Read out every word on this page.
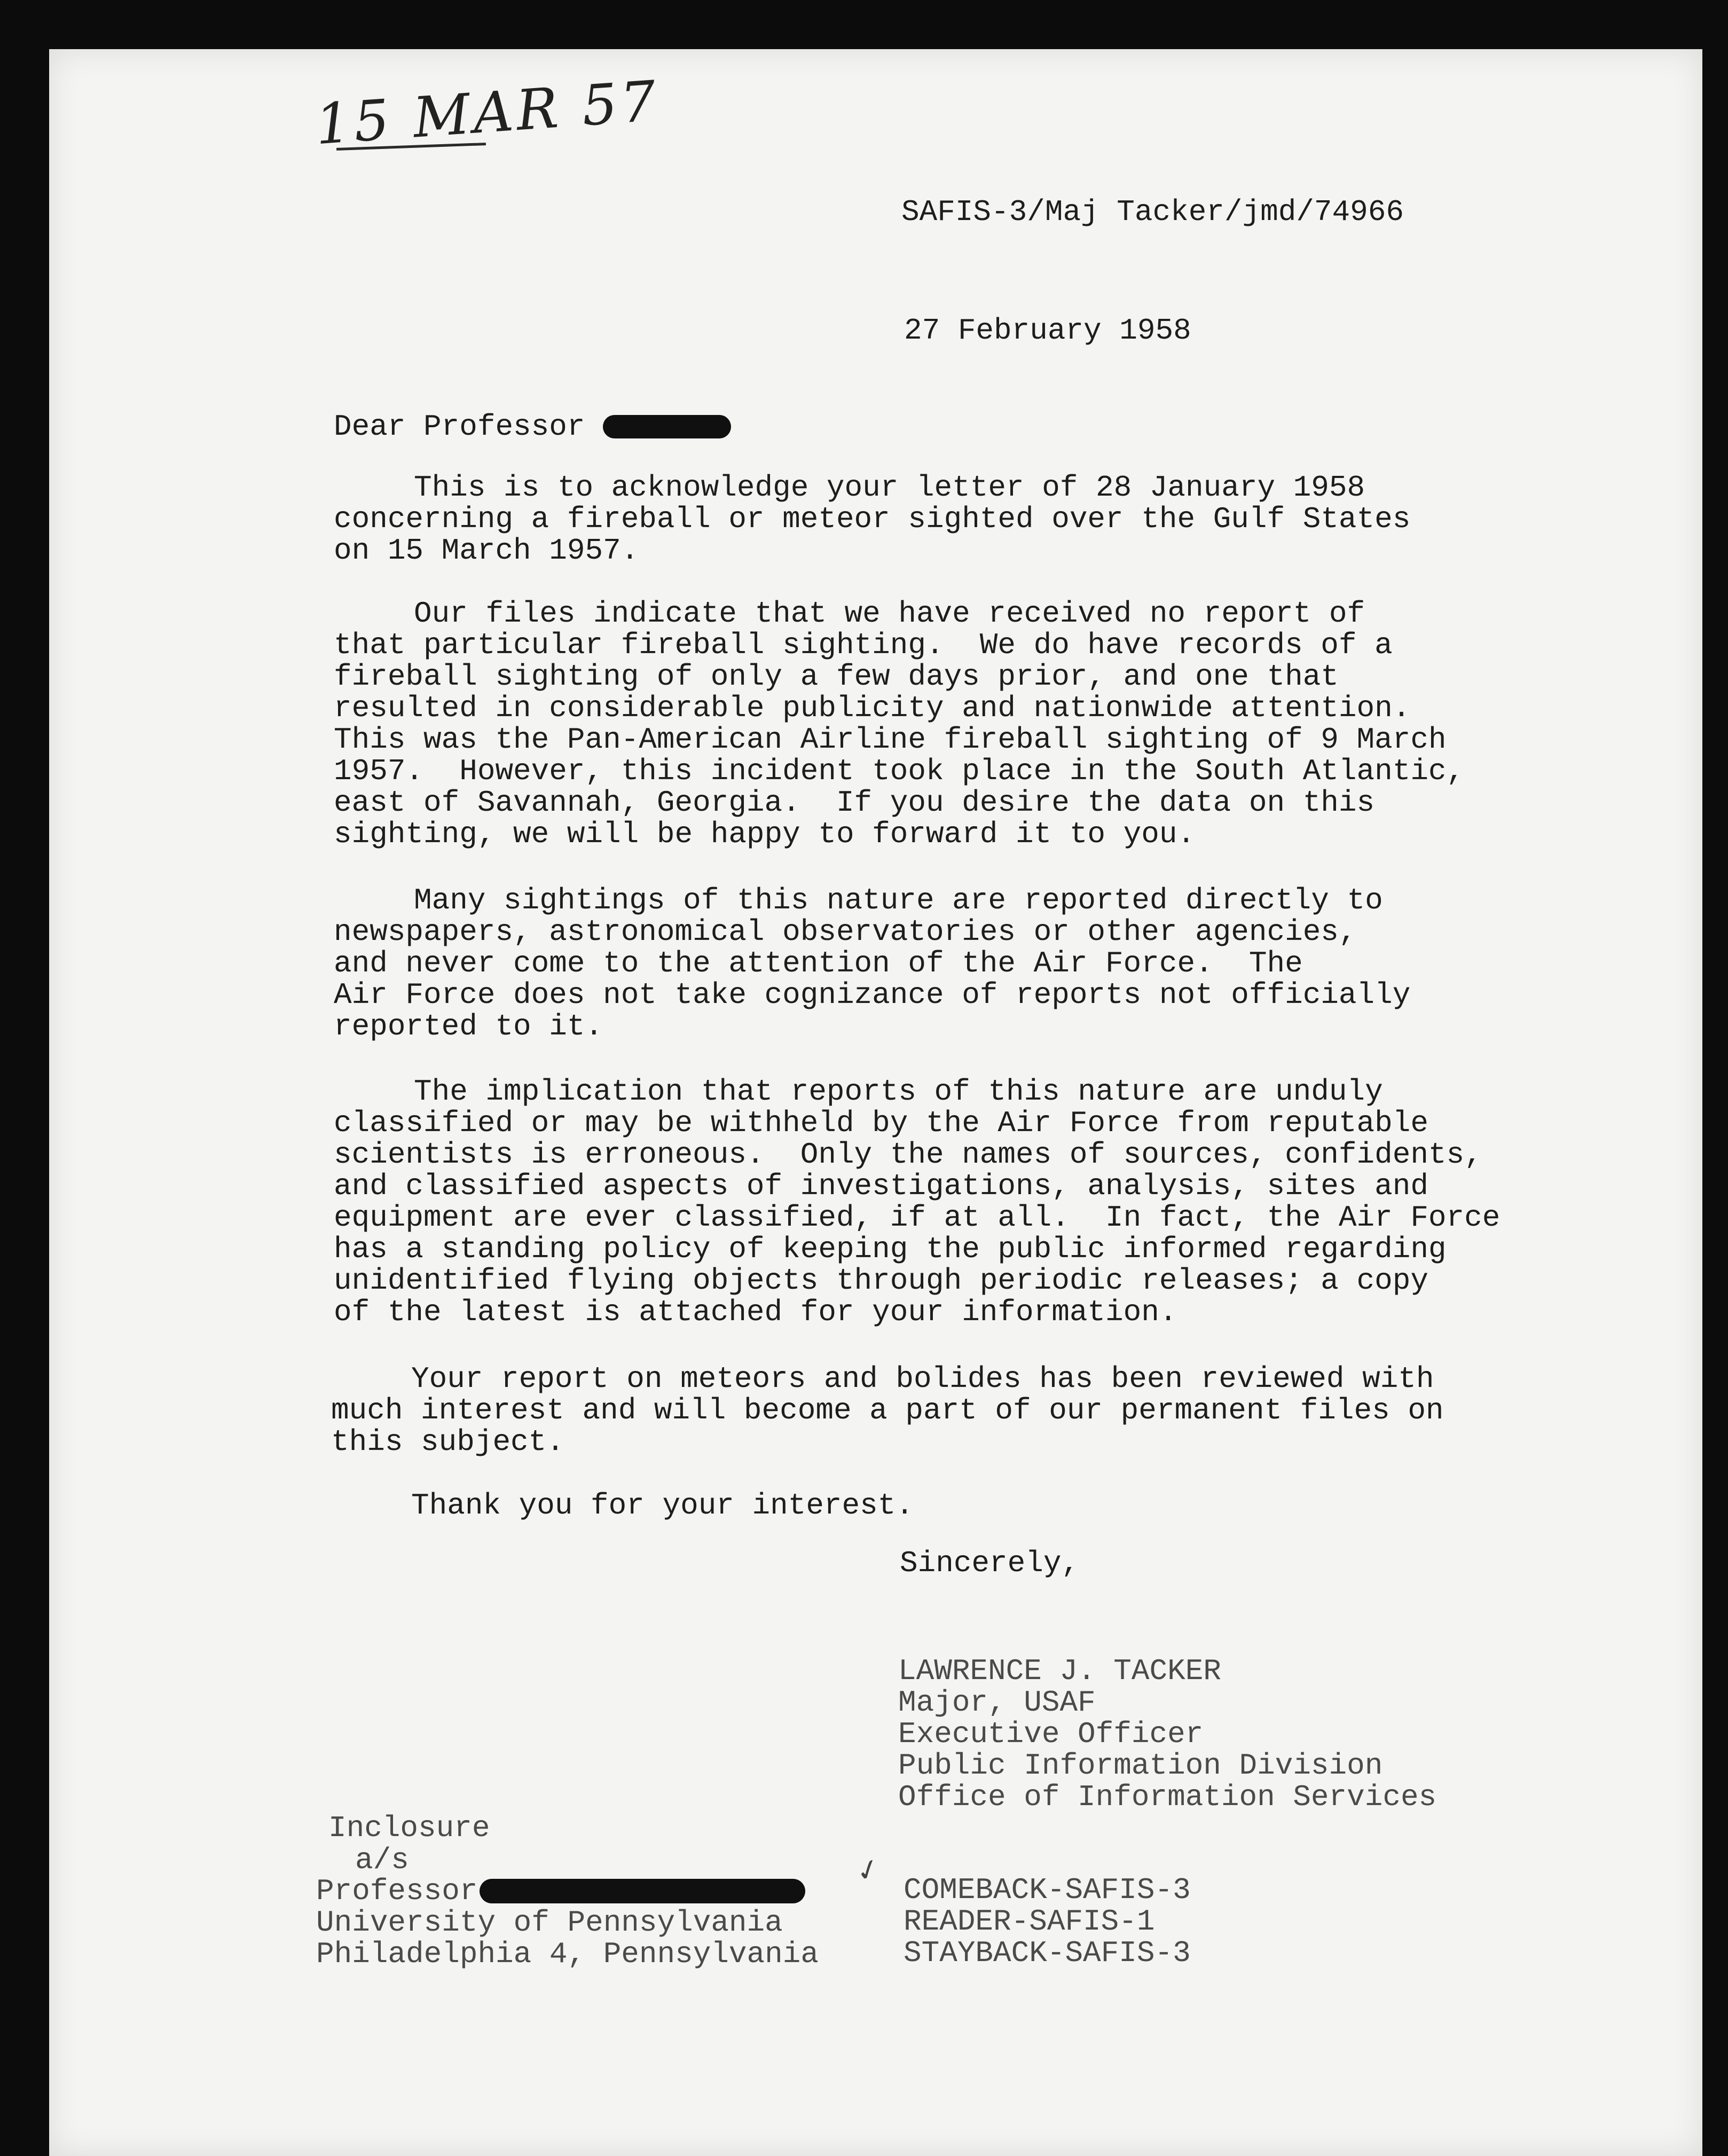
15 MAR 57
SAFIS-3/Maj Tacker/jmd/74966
27 February 1958
Dear Professor
This is to acknowledge your letter of 28 January 1958
concerning a fireball or meteor sighted over the Gulf States
on 15 March 1957.
Our files indicate that we have received no report of
that particular fireball sighting.  We do have records of a
fireball sighting of only a few days prior, and one that
resulted in considerable publicity and nationwide attention.
This was the Pan-American Airline fireball sighting of 9 March
1957.  However, this incident took place in the South Atlantic,
east of Savannah, Georgia.  If you desire the data on this
sighting, we will be happy to forward it to you.
Many sightings of this nature are reported directly to
newspapers, astronomical observatories or other agencies,
and never come to the attention of the Air Force.  The
Air Force does not take cognizance of reports not officially
reported to it.
The implication that reports of this nature are unduly
classified or may be withheld by the Air Force from reputable
scientists is erroneous.  Only the names of sources, confidents,
and classified aspects of investigations, analysis, sites and
equipment are ever classified, if at all.  In fact, the Air Force
has a standing policy of keeping the public informed regarding
unidentified flying objects through periodic releases; a copy
of the latest is attached for your information.
Your report on meteors and bolides has been reviewed with
much interest and will become a part of our permanent files on
this subject.
Thank you for your interest.
Sincerely,
LAWRENCE J. TACKER
Major, USAF
Executive Officer
Public Information Division
Office of Information Services
Inclosure
a/s
Professor
University of Pennsylvania
Philadelphia 4, Pennsylvania
✓
COMEBACK-SAFIS-3
READER-SAFIS-1
STAYBACK-SAFIS-3
